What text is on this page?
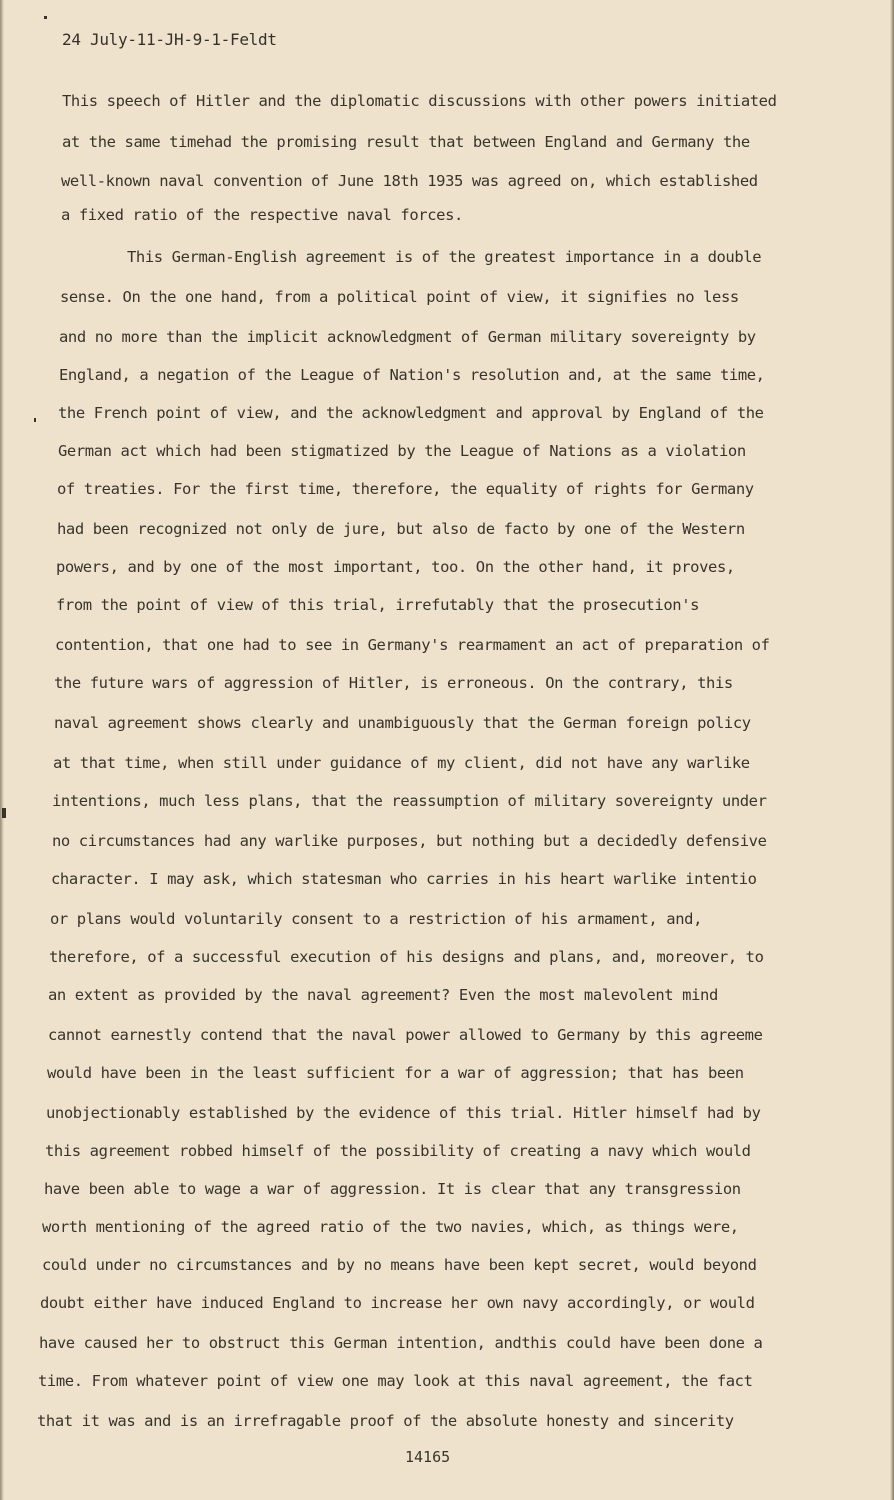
24 July-11-JH-9-1-Feldt
This speech of Hitler and the diplomatic discussions with other powers initiated
at the same timehad the promising result that between England and Germany the
well-known naval convention of June 18th 1935 was agreed on, which established
a fixed ratio of the respective naval forces.
This German-English agreement is of the greatest importance in a double
sense. On the one hand, from a political point of view, it signifies no less
and no more than the implicit acknowledgment of German military sovereignty by
England, a negation of the League of Nation's resolution and, at the same time,
the French point of view, and the acknowledgment and approval by England of the
German act which had been stigmatized by the League of Nations as a violation
of treaties. For the first time, therefore, the equality of rights for Germany
had been recognized not only de jure, but also de facto by one of the Western
powers, and by one of the most important, too. On the other hand, it proves,
from the point of view of this trial, irrefutably that the prosecution's
contention, that one had to see in Germany's rearmament an act of preparation of
the future wars of aggression of Hitler, is erroneous. On the contrary, this
naval agreement shows clearly and unambiguously that the German foreign policy
at that time, when still under guidance of my client, did not have any warlike
intentions, much less plans, that the reassumption of military sovereignty under
no circumstances had any warlike purposes, but nothing but a decidedly defensive
character. I may ask, which statesman who carries in his heart warlike intentio
or plans would voluntarily consent to a restriction of his armament, and,
therefore, of a successful execution of his designs and plans, and, moreover, to
an extent as provided by the naval agreement? Even the most malevolent mind
cannot earnestly contend that the naval power allowed to Germany by this agreeme
would have been in the least sufficient for a war of aggression; that has been
unobjectionably established by the evidence of this trial. Hitler himself had by
this agreement robbed himself of the possibility of creating a navy which would
have been able to wage a war of aggression. It is clear that any transgression
worth mentioning of the agreed ratio of the two navies, which, as things were,
could under no circumstances and by no means have been kept secret, would beyond
doubt either have induced England to increase her own navy accordingly, or would
have caused her to obstruct this German intention, andthis could have been done a
time. From whatever point of view one may look at this naval agreement, the fact
that it was and is an irrefragable proof of the absolute honesty and sincerity
14165
